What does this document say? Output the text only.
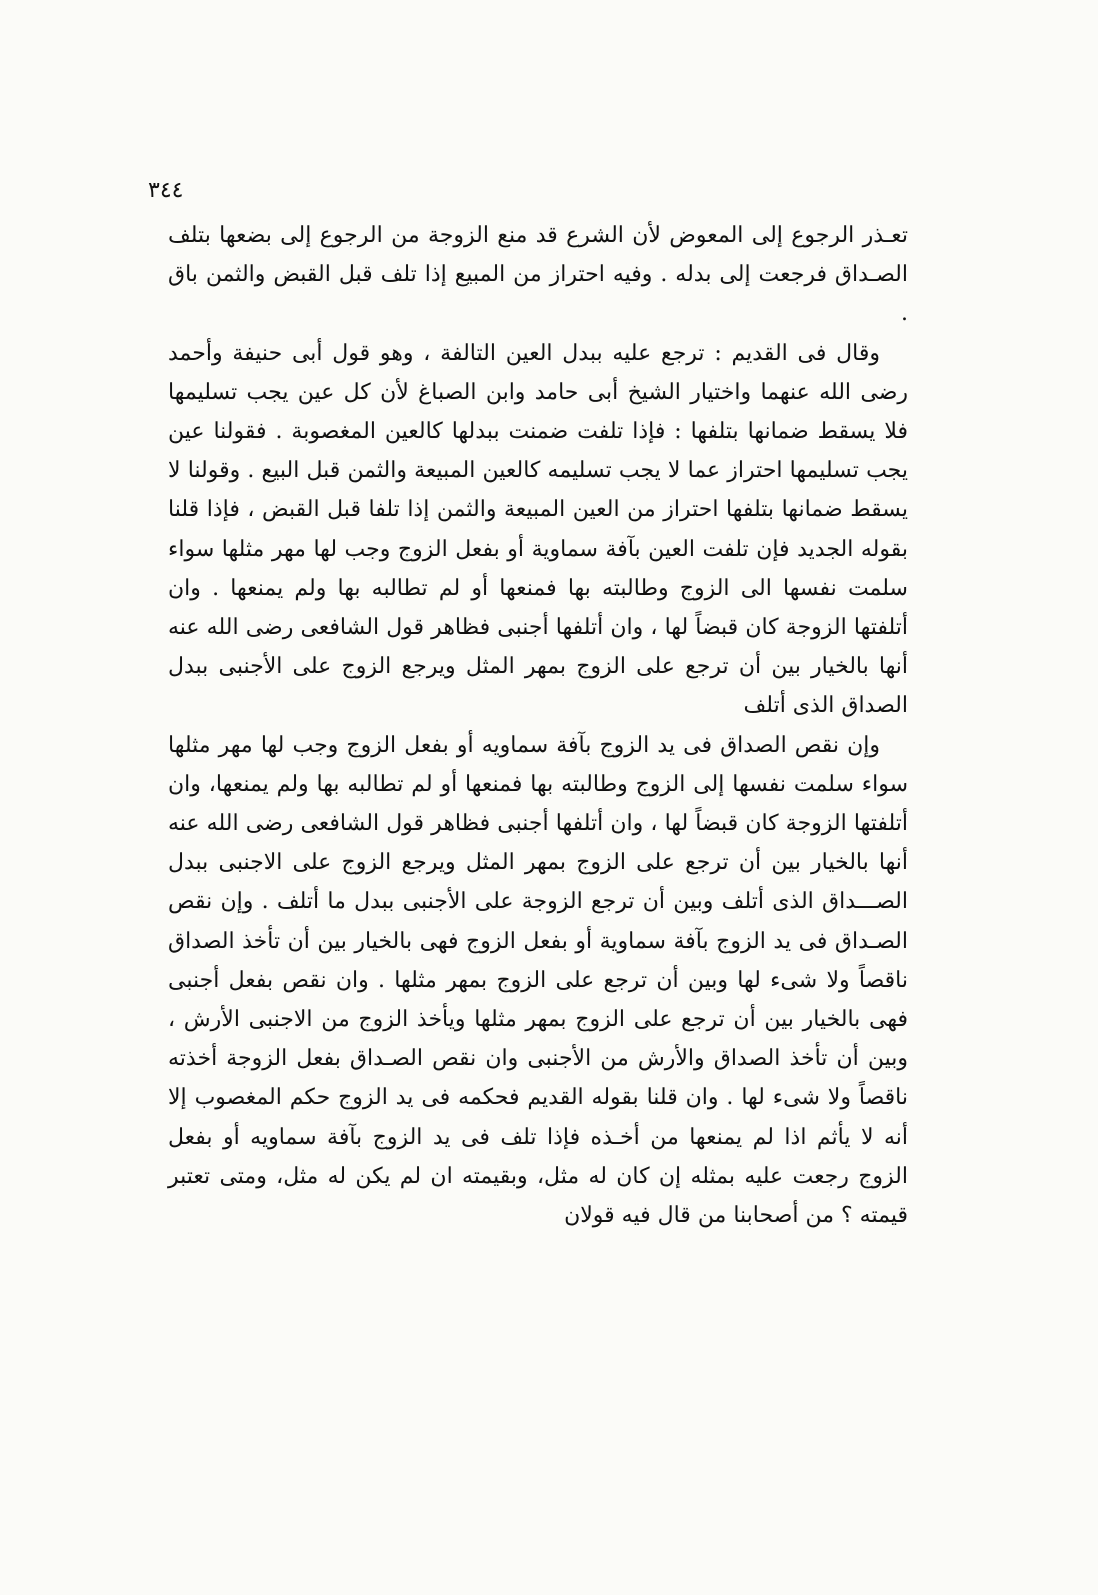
٣٤٤

تعـذر الرجوع إلى المعوض لأن الشرع قد منع الزوجة من الرجوع إلى بضعها بتلف الصـداق فرجعت إلى بدله . وفيه احتراز من المبيع إذا تلف قبل القبض والثمن باق .

وقال فى القديم : ترجع عليه ببدل العين التالفة ، وهو قول أبى حنيفة وأحمد رضى الله عنهما واختيار الشيخ أبى حامد وابن الصباغ لأن كل عين يجب تسليمها فلا يسقط ضمانها بتلفها : فإذا تلفت ضمنت ببدلها كالعين المغصوبة . فقولنا عين يجب تسليمها احتراز عما لا يجب تسليمه كالعين المبيعة والثمن قبل البيع . وقولنا لا يسقط ضمانها بتلفها احتراز من العين المبيعة والثمن إذا تلفا قبل القبض ، فإذا قلنا بقوله الجديد فإن تلفت العين بآفة سماوية أو بفعل الزوج وجب لها مهر مثلها سواء سلمت نفسها الى الزوج وطالبته بها فمنعها أو لم تطالبه بها ولم يمنعها . وان أتلفتها الزوجة كان قبضاً لها ، وان أتلفها أجنبى فظاهر قول الشافعى رضى الله عنه أنها بالخيار بين أن ترجع على الزوج بمهر المثل ويرجع الزوج على الأجنبى ببدل الصداق الذى أتلف

وإن نقص الصداق فى يد الزوج بآفة سماويه أو بفعل الزوج وجب لها مهر مثلها سواء سلمت نفسها إلى الزوج وطالبته بها فمنعها أو لم تطالبه بها ولم يمنعها، وان أتلفتها الزوجة كان قبضاً لها ، وان أتلفها أجنبى فظاهر قول الشافعى رضى الله عنه أنها بالخيار بين أن ترجع على الزوج بمهر المثل ويرجع الزوج على الاجنبى ببدل الصـــداق الذى أتلف وبين أن ترجع الزوجة على الأجنبى ببدل ما أتلف . وإن نقص الصـداق فى يد الزوج بآفة سماوية أو بفعل الزوج فهى بالخيار بين أن تأخذ الصداق ناقصاً ولا شىء لها وبين أن ترجع على الزوج بمهر مثلها . وان نقص بفعل أجنبى فهى بالخيار بين أن ترجع على الزوج بمهر مثلها ويأخذ الزوج من الاجنبى الأرش ، وبين أن تأخذ الصداق والأرش من الأجنبى وان نقص الصـداق بفعل الزوجة أخذته ناقصاً ولا شىء لها . وان قلنا بقوله القديم فحكمه فى يد الزوج حكم المغصوب إلا أنه لا يأثم اذا لم يمنعها من أخـذه فإذا تلف فى يد الزوج بآفة سماويه أو بفعل الزوج رجعت عليه بمثله إن كان له مثل، وبقيمته ان لم يكن له مثل، ومتى تعتبر قيمته ؟ من أصحابنا من قال فيه قولان
